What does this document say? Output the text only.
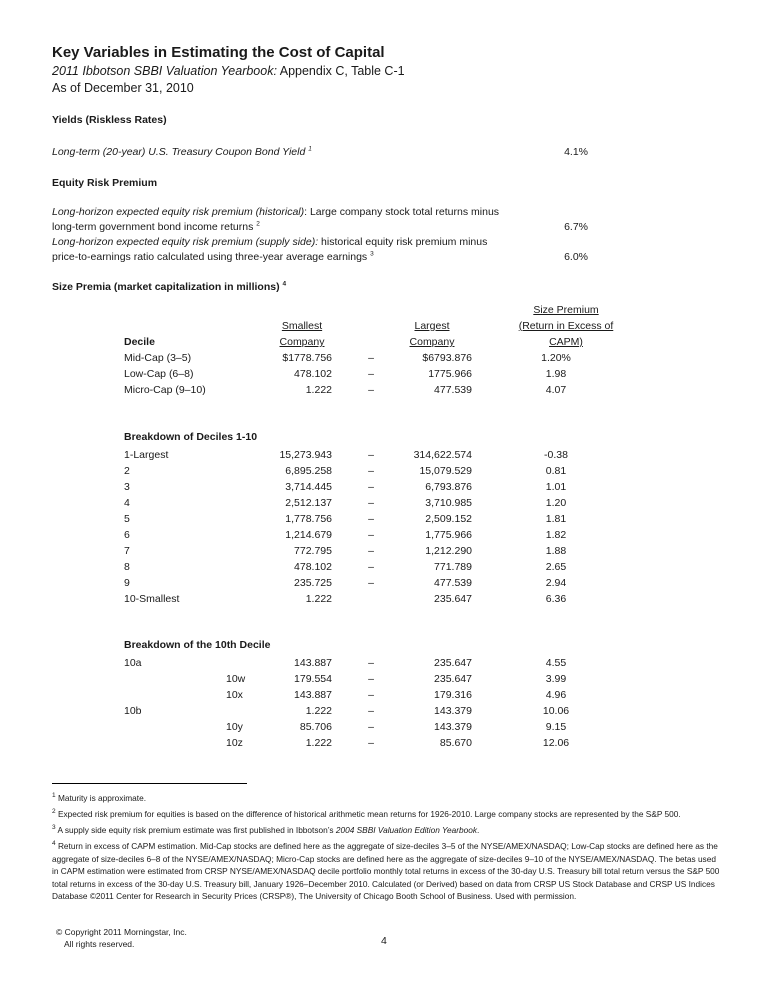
Key Variables in Estimating the Cost of Capital
2011 Ibbotson SBBI Valuation Yearbook: Appendix C, Table C-1
As of December 31, 2010
Yields (Riskless Rates)
Long-term (20-year) U.S. Treasury Coupon Bond Yield $^1$	4.1%
Equity Risk Premium
Long-horizon expected equity risk premium (historical): Large company stock total returns minus
long-term government bond income returns $^2$	6.7%
Long-horizon expected equity risk premium (supply side): historical equity risk premium minus
price-to-earnings ratio calculated using three-year average earnings $^3$	6.0%
Size Premia (market capitalization in millions) $^4$
Smallest	Largest
Size Premium
(Return in Excess of
Decile	Company	Company	CAPM)
Mid-Cap (3–5)	$1778.756	–	$6793.876	1.20%
Low-Cap (6–8)	478.102	–	1775.966	1.98
Micro-Cap (9–10)	1.222	–	477.539	4.07
Breakdown of Deciles 1-10
1-Largest	15,273.943	–	314,622.574	-0.38
2	6,895.258	–	15,079.529	0.81
3	3,714.445	–	6,793.876	1.01
4	2,512.137	–	3,710.985	1.20
5	1,778.756	–	2,509.152	1.81
6	1,214.679	–	1,775.966	1.82
7	772.795	–	1,212.290	1.88
8	478.102	–	771.789	2.65
9	235.725	–	477.539	2.94
10-Smallest	1.222	235.647	6.36
Breakdown of the 10th Decile
10a	143.887	–	235.647	4.55
10w	179.554	–	235.647	3.99
10x	143.887	–	179.316	4.96
10b	1.222	–	143.379	10.06
10y	85.706	–	143.379	9.15
10z	1.222	–	85.670	12.06
$^1$ Maturity is approximate.
$^2$ Expected risk premium for equities is based on the difference of historical arithmetic mean returns for 1926-2010. Large company stocks are represented by the S&P 500.
$^3$ A supply side equity risk premium estimate was first published in Ibbotson’s 2004 SBBI Valuation Edition Yearbook.
$^4$ Return in excess of CAPM estimation. Mid-Cap stocks are defined here as the aggregate of size-deciles 3–5 of the NYSE/AMEX/NASDAQ; Low-Cap stocks are defined here as the aggregate of size-deciles 6–8 of the NYSE/AMEX/NASDAQ; Micro-Cap stocks are defined here as the aggregate of size-deciles 9–10 of the NYSE/AMEX/NASDAQ. The betas used in CAPM estimation were estimated from CRSP NYSE/AMEX/NASDAQ decile portfolio monthly total returns in excess of the 30-day U.S. Treasury bill total return versus the S&P 500 total returns in excess of the 30-day U.S. Treasury bill, January 1926–December 2010. Calculated (or Derived) based on data from CRSP US Stock Database and CRSP US Indices Database ©2011 Center for Research in Security Prices (CRSP®), The University of Chicago Booth School of Business. Used with permission.
© Copyright 2011 Morningstar, Inc.
All rights reserved.	4
